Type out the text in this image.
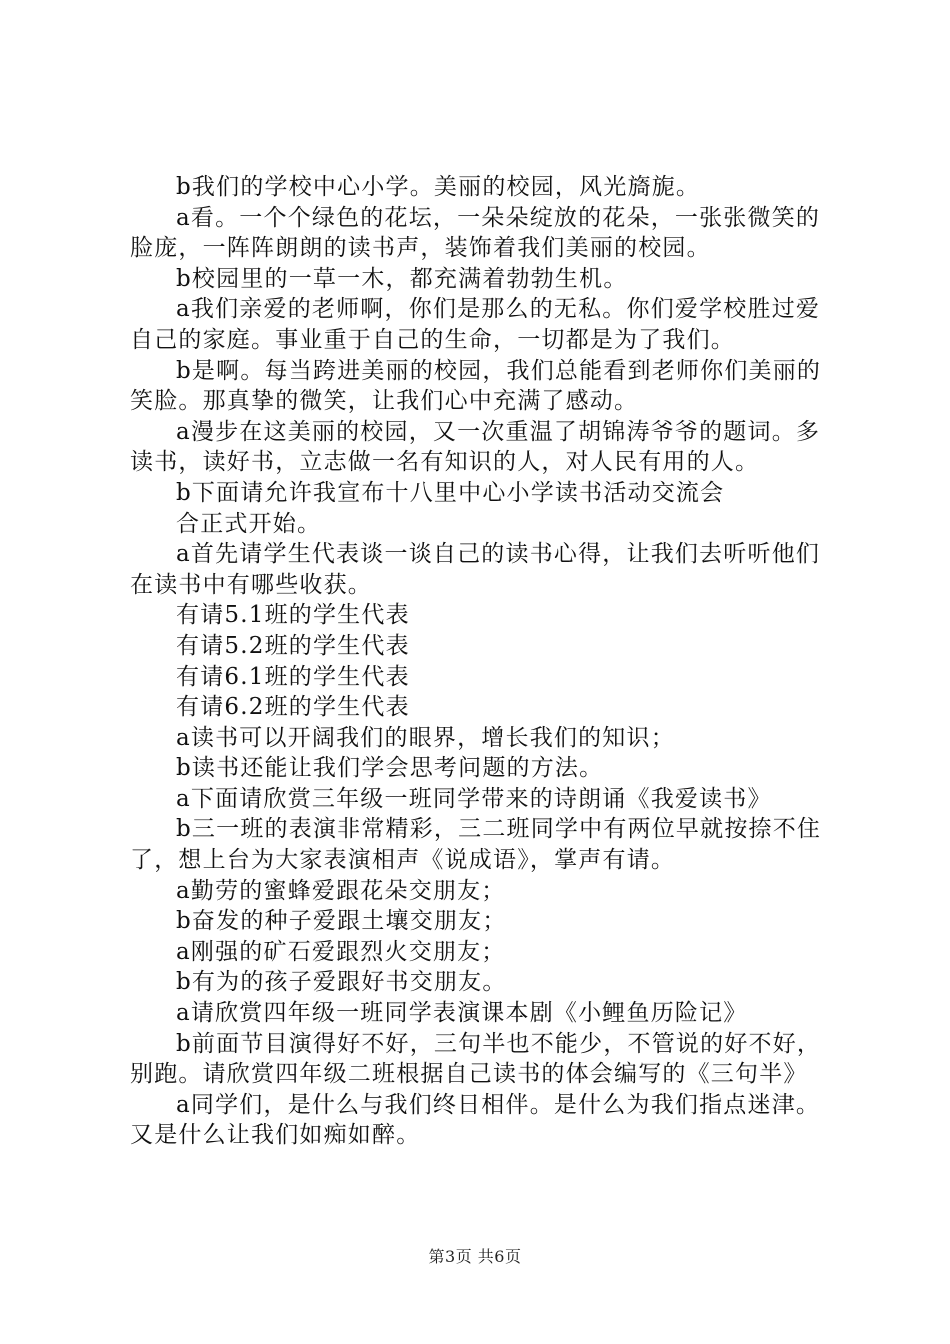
b我们的学校中心小学。美丽的校园，风光旖旎。

a看。一个个绿色的花坛，一朵朵绽放的花朵，一张张微笑的脸庞，一阵阵朗朗的读书声，装饰着我们美丽的校园。

b校园里的一草一木，都充满着勃勃生机。

a我们亲爱的老师啊，你们是那么的无私。你们爱学校胜过爱自己的家庭。事业重于自己的生命，一切都是为了我们。

b是啊。每当跨进美丽的校园，我们总能看到老师你们美丽的笑脸。那真挚的微笑，让我们心中充满了感动。

a漫步在这美丽的校园，又一次重温了胡锦涛爷爷的题词。多读书，读好书，立志做一名有知识的人，对人民有用的人。

b下面请允许我宣布十八里中心小学读书活动交流会

合正式开始。

a首先请学生代表谈一谈自己的读书心得，让我们去听听他们在读书中有哪些收获。

有请5.1班的学生代表

有请5.2班的学生代表

有请6.1班的学生代表

有请6.2班的学生代表

a读书可以开阔我们的眼界，增长我们的知识；

b读书还能让我们学会思考问题的方法。

a下面请欣赏三年级一班同学带来的诗朗诵《我爱读书》

b三一班的表演非常精彩，三二班同学中有两位早就按捺不住了，想上台为大家表演相声《说成语》，掌声有请。

a勤劳的蜜蜂爱跟花朵交朋友；

b奋发的种子爱跟土壤交朋友；

a刚强的矿石爱跟烈火交朋友；

b有为的孩子爱跟好书交朋友。

a请欣赏四年级一班同学表演课本剧《小鲤鱼历险记》

b前面节目演得好不好，三句半也不能少，不管说的好不好，别跑。请欣赏四年级二班根据自己读书的体会编写的《三句半》

a同学们，是什么与我们终日相伴。是什么为我们指点迷津。又是什么让我们如痴如醉。

第3页 共6页
